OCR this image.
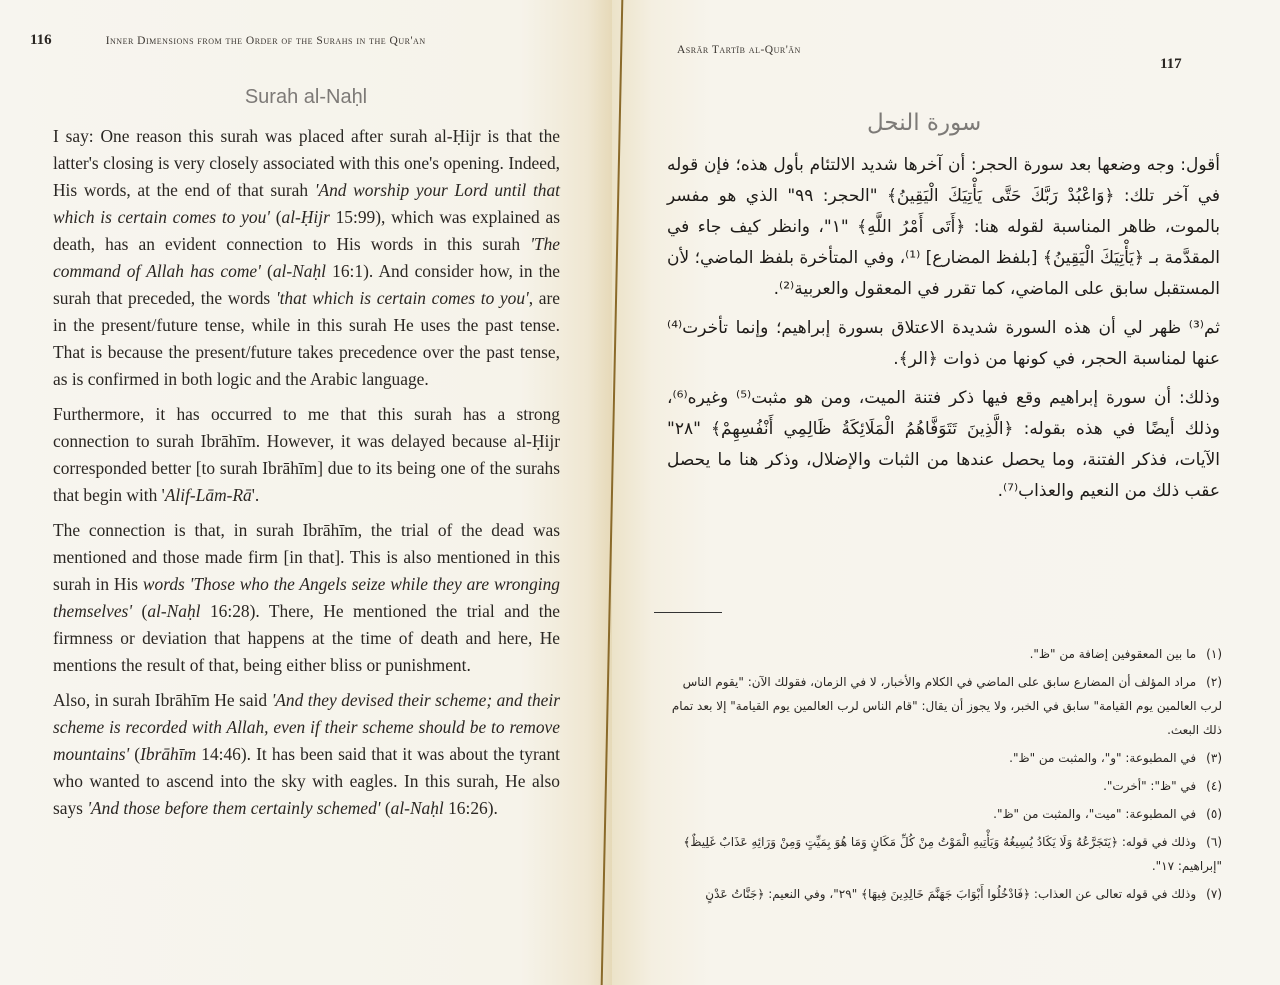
116	Inner Dimensions from the Order of the Surahs in the Qur'an
Surah al-Naḥl

I say: One reason this surah was placed after surah al-Ḥijr is that the latter's closing is very closely associated with this one's opening. Indeed, His words, at the end of that surah 'And worship your Lord until that which is certain comes to you' (al-Ḥijr 15:99), which was explained as death, has an evident connection to His words in this surah 'The command of Allah has come' (al-Naḥl 16:1). And consider how, in the surah that preceded, the words 'that which is certain comes to you', are in the present/future tense, while in this surah He uses the past tense. That is because the present/future takes precedence over the past tense, as is confirmed in both logic and the Arabic language.

Furthermore, it has occurred to me that this surah has a strong connection to surah Ibrāhīm. However, it was delayed because al-Ḥijr corresponded better [to surah Ibrāhīm] due to its being one of the surahs that begin with 'Alif-Lām-Rā'.

The connection is that, in surah Ibrāhīm, the trial of the dead was mentioned and those made firm [in that]. This is also mentioned in this surah in His words 'Those who the Angels seize while they are wronging themselves' (al-Naḥl 16:28). There, He mentioned the trial and the firmness or deviation that happens at the time of death and here, He mentions the result of that, being either bliss or punishment.

Also, in surah Ibrāhīm He said 'And they devised their scheme; and their scheme is recorded with Allah, even if their scheme should be to remove mountains' (Ibrāhīm 14:46). It has been said that it was about the tyrant who wanted to ascend into the sky with eagles. In this surah, He also says 'And those before them certainly schemed' (al-Naḥl 16:26).

Asrār Tartīb al-Qur'ān
117
سورة النحل

أقول: وجه وضعها بعد سورة الحجر: أن آخرها شديد الالتئام بأول هذه؛ فإن قوله في آخر تلك: ﴿وَاعْبُدْ رَبَّكَ حَتَّى يَأْتِيَكَ الْيَقِينُ﴾ "الحجر: ٩٩" الذي هو مفسر بالموت، ظاهر المناسبة لقوله هنا: ﴿أَتَى أَمْرُ اللَّهِ﴾ "١"، وانظر كيف جاء في المقدَّمة بـ ﴿يَأْتِيَكَ الْيَقِينُ﴾ [بلفظ المضارع] ⁽¹⁾، وفي المتأخرة بلفظ الماضي؛ لأن المستقبل سابق على الماضي، كما تقرر في المعقول والعربية⁽²⁾.

ثم⁽³⁾ ظهر لي أن هذه السورة شديدة الاعتلاق بسورة إبراهيم؛ وإنما تأخرت⁽⁴⁾ عنها لمناسبة الحجر، في كونها من ذوات ﴿الر﴾.

وذلك: أن سورة إبراهيم وقع فيها ذكر فتنة الميت، ومن هو مثبت⁽⁵⁾ وغيره⁽⁶⁾، وذلك أيضًا في هذه بقوله: ﴿الَّذِينَ تَتَوَفَّاهُمُ الْمَلَائِكَةُ ظَالِمِي أَنْفُسِهِمْ﴾ "٢٨" الآيات، فذكر الفتنة، وما يحصل عندها من الثبات والإضلال، وذكر هنا ما يحصل عقب ذلك من النعيم والعذاب⁽⁷⁾.

(١)ما بين المعقوفين إضافة من "ظ".
(٢)مراد المؤلف أن المضارع سابق على الماضي في الكلام والأخبار، لا في الزمان، فقولك الآن: "يقوم الناس لرب العالمين يوم القيامة" سابق في الخبر، ولا يجوز أن يقال: "قام الناس لرب العالمين يوم القيامة" إلا بعد تمام ذلك البعث.
(٣)في المطبوعة: "و"، والمثبت من "ظ".
(٤)في "ظ": "أخرت".
(٥)في المطبوعة: "ميت"، والمثبت من "ظ".
(٦)وذلك في قوله: ﴿يَتَجَرَّعُهُ وَلَا يَكَادُ يُسِيغُهُ وَيَأْتِيهِ الْمَوْتُ مِنْ كُلِّ مَكَانٍ وَمَا هُوَ بِمَيِّتٍ وَمِنْ وَرَائِهِ عَذَابٌ غَلِيظٌ﴾ "إبراهيم: ١٧".
(٧)وذلك في قوله تعالى عن العذاب: ﴿فَادْخُلُوا أَبْوَابَ جَهَنَّمَ خَالِدِينَ فِيهَا﴾ "٢٩"، وفي النعيم: ﴿جَنَّاتُ عَدْنٍ
